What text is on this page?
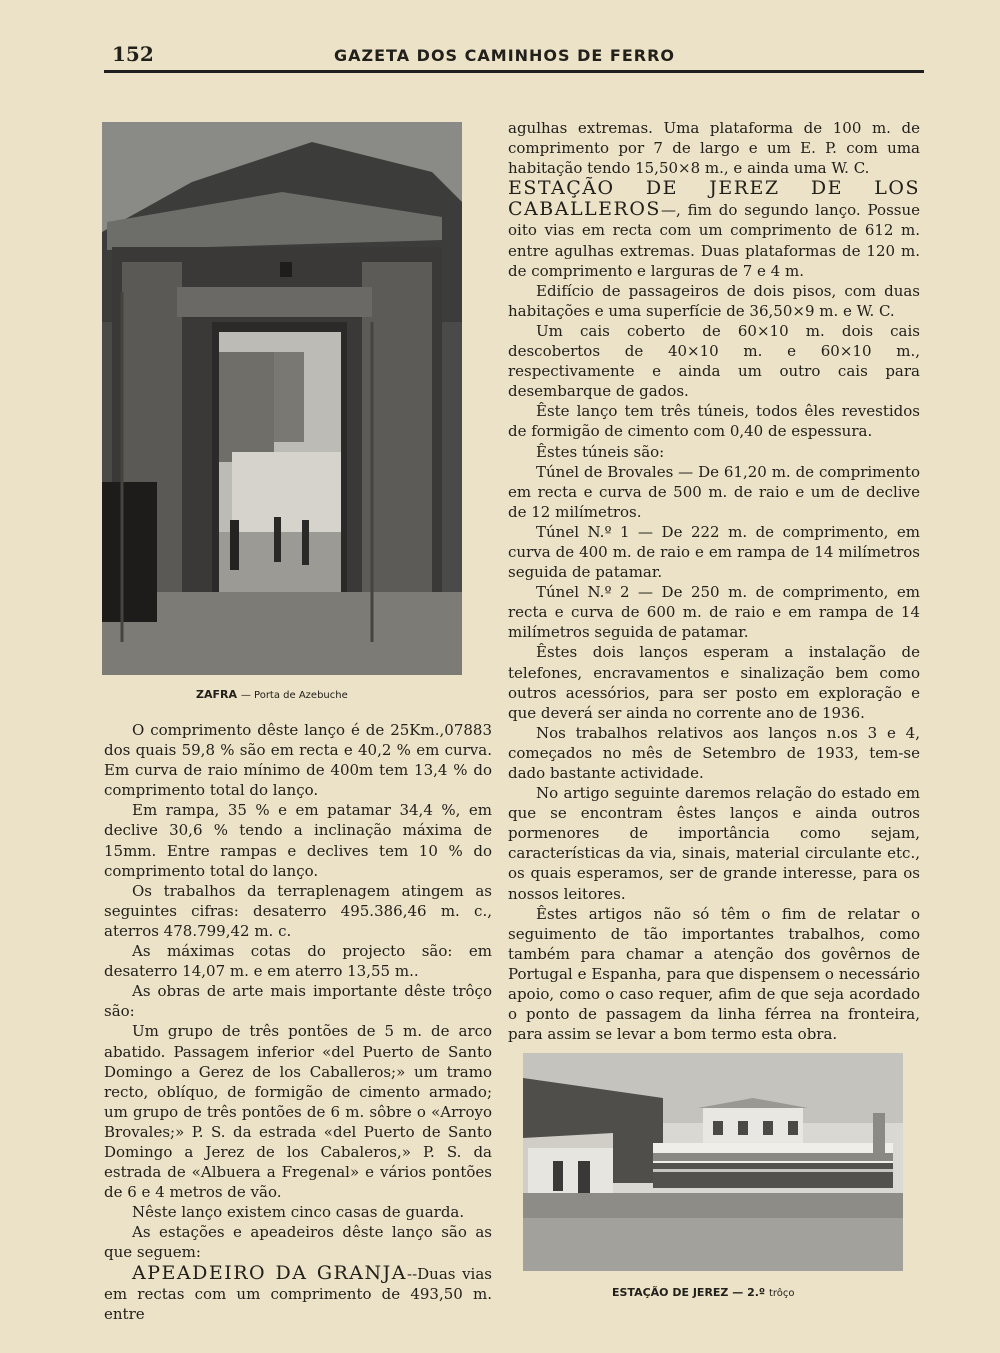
152	GAZETA DOS CAMINHOS DE FERRO
ZAFRA — Porta de Azebuche
ESTAÇÃO DE JEREZ — 2.º trôço

O comprimento dêste lanço é de 25Km.,07883 dos quais 59,8 % são em recta e 40,2 % em curva. Em curva de raio mínimo de 400m tem 13,4 % do comprimento total do lanço.

Em rampa, 35 % e em patamar 34,4 %, em declive 30,6 % tendo a inclinação máxima de 15mm. Entre rampas e declives tem 10 % do comprimento total do lanço.

Os trabalhos da terraplenagem atingem as seguintes cifras: desaterro 495.386,46 m. c., aterros 478.799,42 m. c.

As máximas cotas do projecto são: em desaterro 14,07 m. e em aterro 13,55 m..

As obras de arte mais importante dêste trôço são:

Um grupo de três pontões de 5 m. de arco abatido. Passagem inferior «del Puerto de Santo Domingo a Gerez de los Caballeros;» um tramo recto, oblíquo, de formigão de cimento armado; um grupo de três pontões de 6 m. sôbre o «Arroyo Brovales;» P. S. da estrada «del Puerto de Santo Domingo a Jerez de los Cabaleros,» P. S. da estrada de «Albuera a Fregenal» e vários pontões de 6 e 4 metros de vão.

Nêste lanço existem cinco casas de guarda.

As estações e apeadeiros dêste lanço são as que seguem:

APEADEIRO DA GRANJA--Duas vias em rectas com um comprimento de 493,50 m. entre

agulhas extremas. Uma plataforma de 100 m. de comprimento por 7 de largo e um E. P. com uma habitação tendo 15,50×8 m., e ainda uma W. C.

ESTAÇÃO DE JEREZ DE LOS CABALLEROS—, fim do segundo lanço. Possue oito vias em recta com um comprimento de 612 m. entre agulhas extremas. Duas plataformas de 120 m. de comprimento e larguras de 7 e 4 m.

Edifício de passageiros de dois pisos, com duas habitações e uma superfície de 36,50×9 m. e W. C.

Um cais coberto de 60×10 m. dois cais descobertos de 40×10 m. e 60×10 m., respectivamente e ainda um outro cais para desembarque de gados.

Êste lanço tem três túneis, todos êles revestidos de formigão de cimento com 0,40 de espessura.

Êstes túneis são:

Túnel de Brovales — De 61,20 m. de comprimento em recta e curva de 500 m. de raio e um de declive de 12 milímetros.

Túnel N.º 1 — De 222 m. de comprimento, em curva de 400 m. de raio e em rampa de 14 milímetros seguida de patamar.

Túnel N.º 2 — De 250 m. de comprimento, em recta e curva de 600 m. de raio e em rampa de 14 milímetros seguida de patamar.

Êstes dois lanços esperam a instalação de telefones, encravamentos e sinalização bem como outros acessórios, para ser posto em exploração e que deverá ser ainda no corrente ano de 1936.

Nos trabalhos relativos aos lanços n.os 3 e 4, começados no mês de Setembro de 1933, tem-se dado bastante actividade.

No artigo seguinte daremos relação do estado em que se encontram êstes lanços e ainda outros pormenores de importância como sejam, características da via, sinais, material circulante etc., os quais esperamos, ser de grande interesse, para os nossos leitores.

Êstes artigos não só têm o fim de relatar o seguimento de tão importantes trabalhos, como também para chamar a atenção dos govêrnos de Portugal e Espanha, para que dispensem o necessário apoio, como o caso requer, afim de que seja acordado o ponto de passagem da linha férrea na fronteira, para assim se levar a bom termo esta obra.
